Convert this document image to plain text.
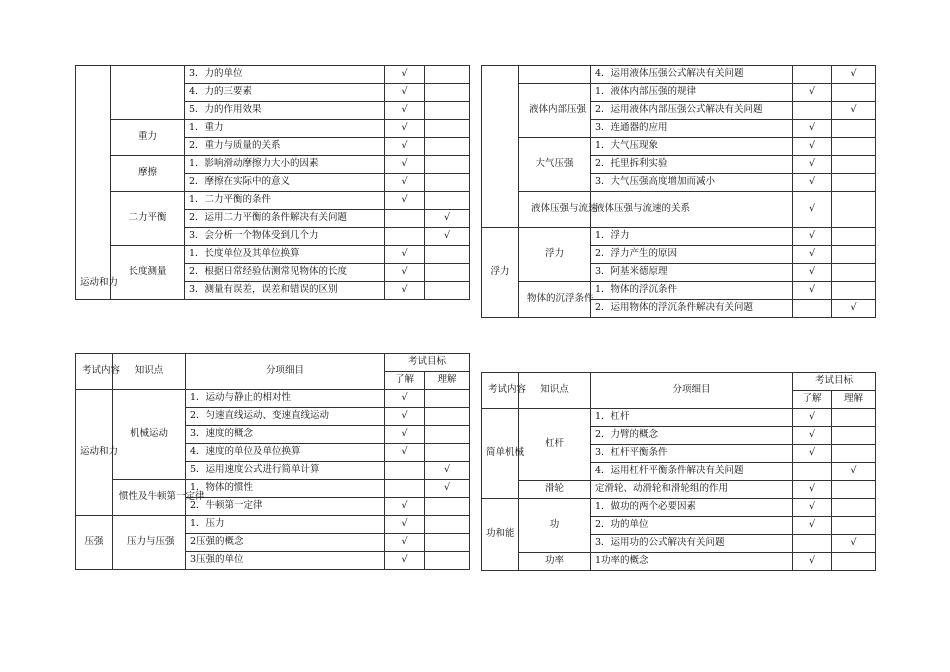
运动和力		3．力的单位	√	
		4．力的三要素	√	
		5．力的作用效果	√	
	重力	1．重力	√	
		2．重力与质量的关系	√	
	摩擦	1．影响滑动摩擦力大小的因素	√	
		2．摩擦在实际中的意义	√	
	二力平衡	1．二力平衡的条件	√	
		2．运用二力平衡的条件解决有关问题		√
		3．会分析一个物体受到几个力		√
	长度测量	1．长度单位及其单位换算	√	
		2．根据日常经验估测常见物体的长度	√	
		3．测量有误差，误差和错误的区别	√	
		4．运用液体压强公式解决有关问题		√
	液体内部压强	1．液体内部压强的规律	√	
		2．运用液体内部压强公式解决有关问题		√
		3．连通器的应用	√	
	大气压强	1．大气压现象	√	
		2．托里拆利实验	√	
		3．大气压强高度增加而减小	√	
	液体压强与流速	液体压强与流速的关系	√	
浮力	浮力	1．浮力	√	
		2．浮力产生的原因	√	
		3．阿基米德原理	√	
	物体的沉浮条件	1．物体的浮沉条件	√	
		2．运用物体的浮沉条件解决有关问题		√
考试内容	知识点	分项细目	考试目标	
			了解	理解
运动和力	机械运动	1．运动与静止的相对性	√	
		2．匀速直线运动、变速直线运动	√	
		3．速度的概念	√	
		4．速度的单位及单位换算	√	
		5．运用速度公式进行简单计算		√
	惯性及牛顿第一定律	1．物体的惯性		√
		2．牛顿第一定律	√	
压强	压力与压强	1．压力	√	
		2压强的概念	√	
		3压强的单位	√	
考试内容	知识点	分项细目	考试目标	
			了解	理解
简单机械	杠杆	1．杠杆	√	
		2．力臂的概念	√	
		3．杠杆平衡条件	√	
		4．运用杠杆平衡条件解决有关问题		√
	滑轮	定滑轮、动滑轮和滑轮组的作用	√	
功和能	功	1．做功的两个必要因素	√	
		2．功的单位	√	
		3．运用功的公式解决有关问题		√
	功率	1功率的概念	√	
